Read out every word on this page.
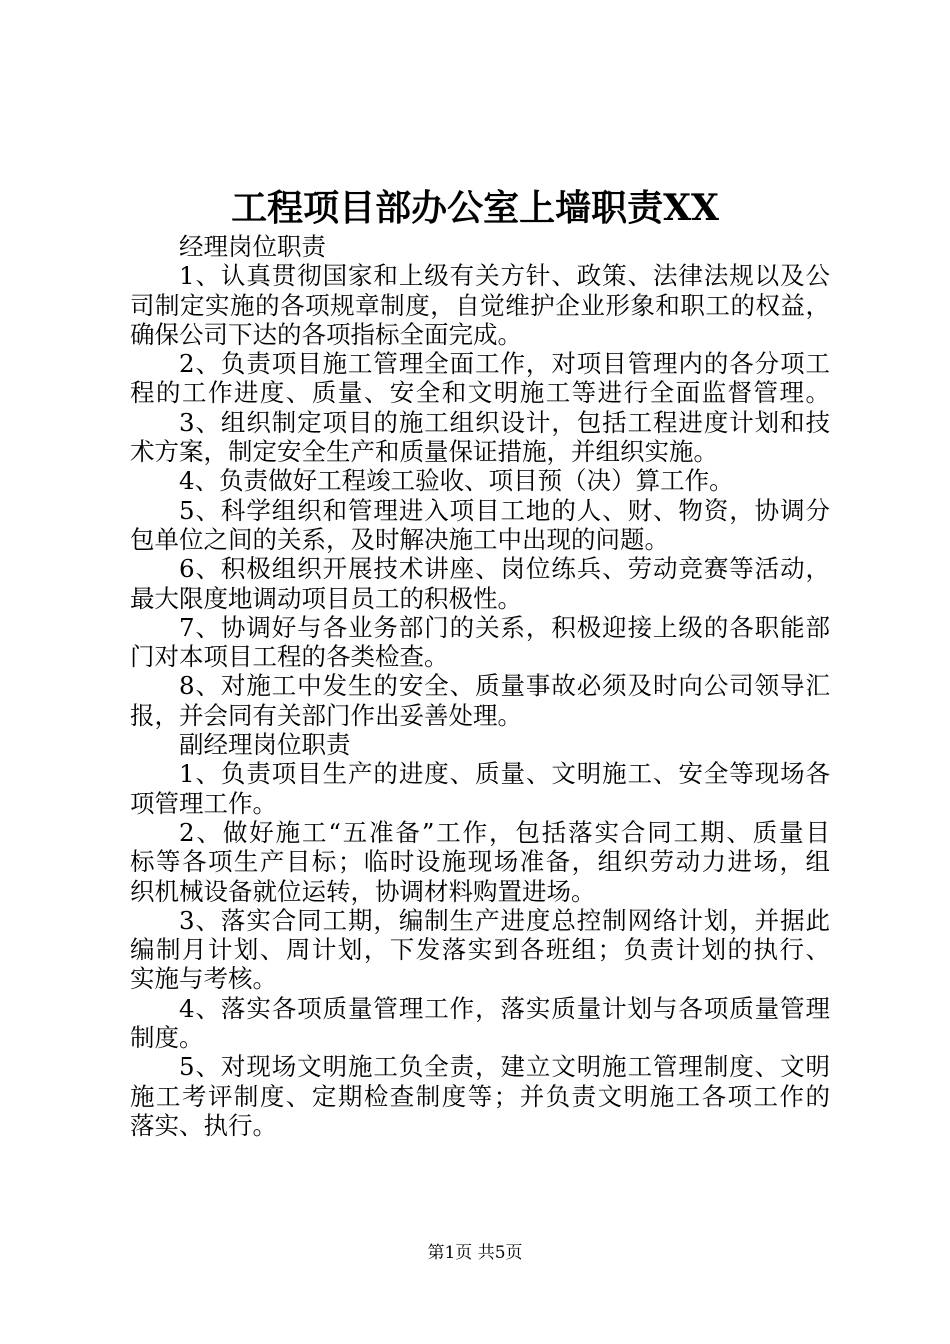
工程项目部办公室上墙职责XX
经理岗位职责
1、认真贯彻国家和上级有关方针、政策、法律法规以及公
司制定实施的各项规章制度，自觉维护企业形象和职工的权益，
确保公司下达的各项指标全面完成。
2、负责项目施工管理全面工作，对项目管理内的各分项工
程的工作进度、质量、安全和文明施工等进行全面监督管理。
3、组织制定项目的施工组织设计，包括工程进度计划和技
术方案，制定安全生产和质量保证措施，并组织实施。
4、负责做好工程竣工验收、项目预（决）算工作。
5、科学组织和管理进入项目工地的人、财、物资，协调分
包单位之间的关系，及时解决施工中出现的问题。
6、积极组织开展技术讲座、岗位练兵、劳动竞赛等活动，
最大限度地调动项目员工的积极性。
7、协调好与各业务部门的关系，积极迎接上级的各职能部
门对本项目工程的各类检查。
8、对施工中发生的安全、质量事故必须及时向公司领导汇
报，并会同有关部门作出妥善处理。
副经理岗位职责
1、负责项目生产的进度、质量、文明施工、安全等现场各
项管理工作。
2、做好施工“五准备”工作，包括落实合同工期、质量目
标等各项生产目标；临时设施现场准备，组织劳动力进场，组
织机械设备就位运转，协调材料购置进场。
3、落实合同工期，编制生产进度总控制网络计划，并据此
编制月计划、周计划，下发落实到各班组；负责计划的执行、
实施与考核。
4、落实各项质量管理工作，落实质量计划与各项质量管理
制度。
5、对现场文明施工负全责，建立文明施工管理制度、文明
施工考评制度、定期检查制度等；并负责文明施工各项工作的
落实、执行。
第1页 共5页
